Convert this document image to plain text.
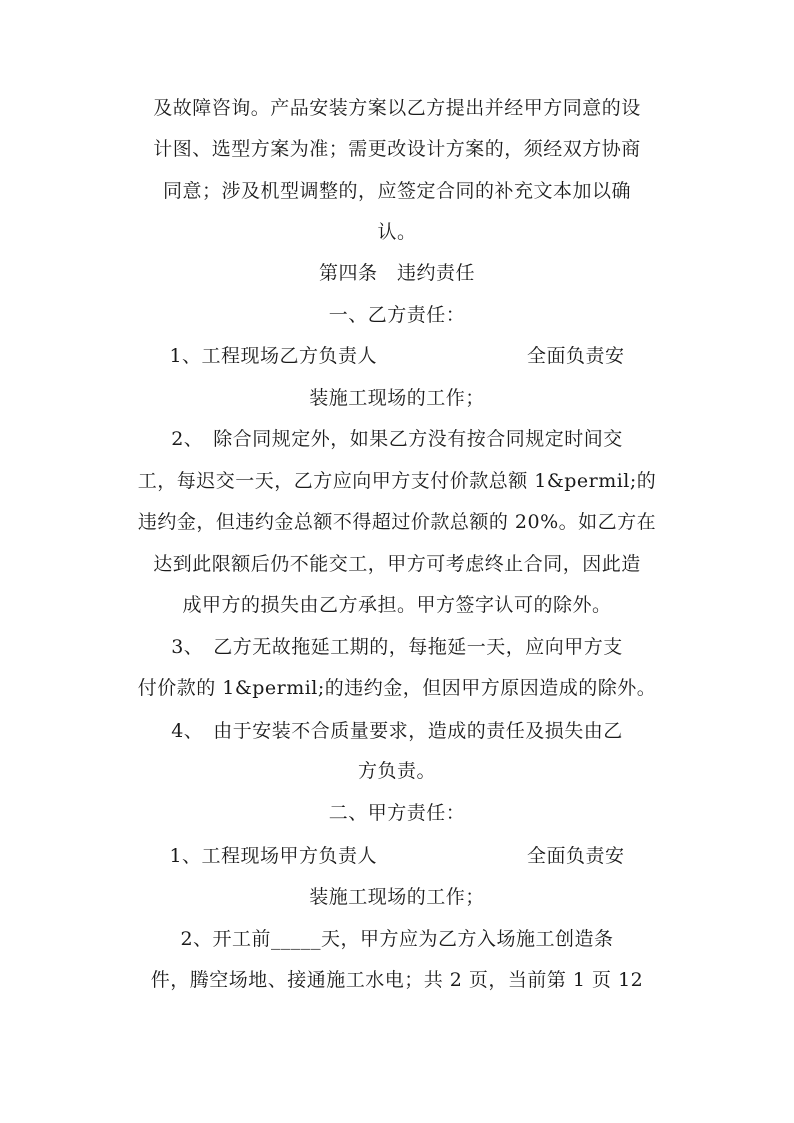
及故障咨询。产品安装方案以乙方提出并经甲方同意的设
计图、选型方案为准；需更改设计方案的，须经双方协商
同意；涉及机型调整的，应签定合同的补充文本加以确
认。
第四条　违约责任
一、乙方责任：
1、工程现场乙方负责人	全面负责安
装施工现场的工作；
2、　除合同规定外，如果乙方没有按合同规定时间交
工，每迟交一天，乙方应向甲方支付价款总额 1&permil;的
违约金，但违约金总额不得超过价款总额的 20%。如乙方在
达到此限额后仍不能交工，甲方可考虑终止合同，因此造
成甲方的损失由乙方承担。甲方签字认可的除外。
3、　乙方无故拖延工期的，每拖延一天，应向甲方支
付价款的 1&permil;的违约金，但因甲方原因造成的除外。
4、　由于安装不合质量要求，造成的责任及损失由乙
方负责。
二、甲方责任：
1、工程现场甲方负责人	全面负责安
装施工现场的工作；
2、开工前_____天，甲方应为乙方入场施工创造条
件，腾空场地、接通施工水电；共 2 页，当前第 1 页 12
